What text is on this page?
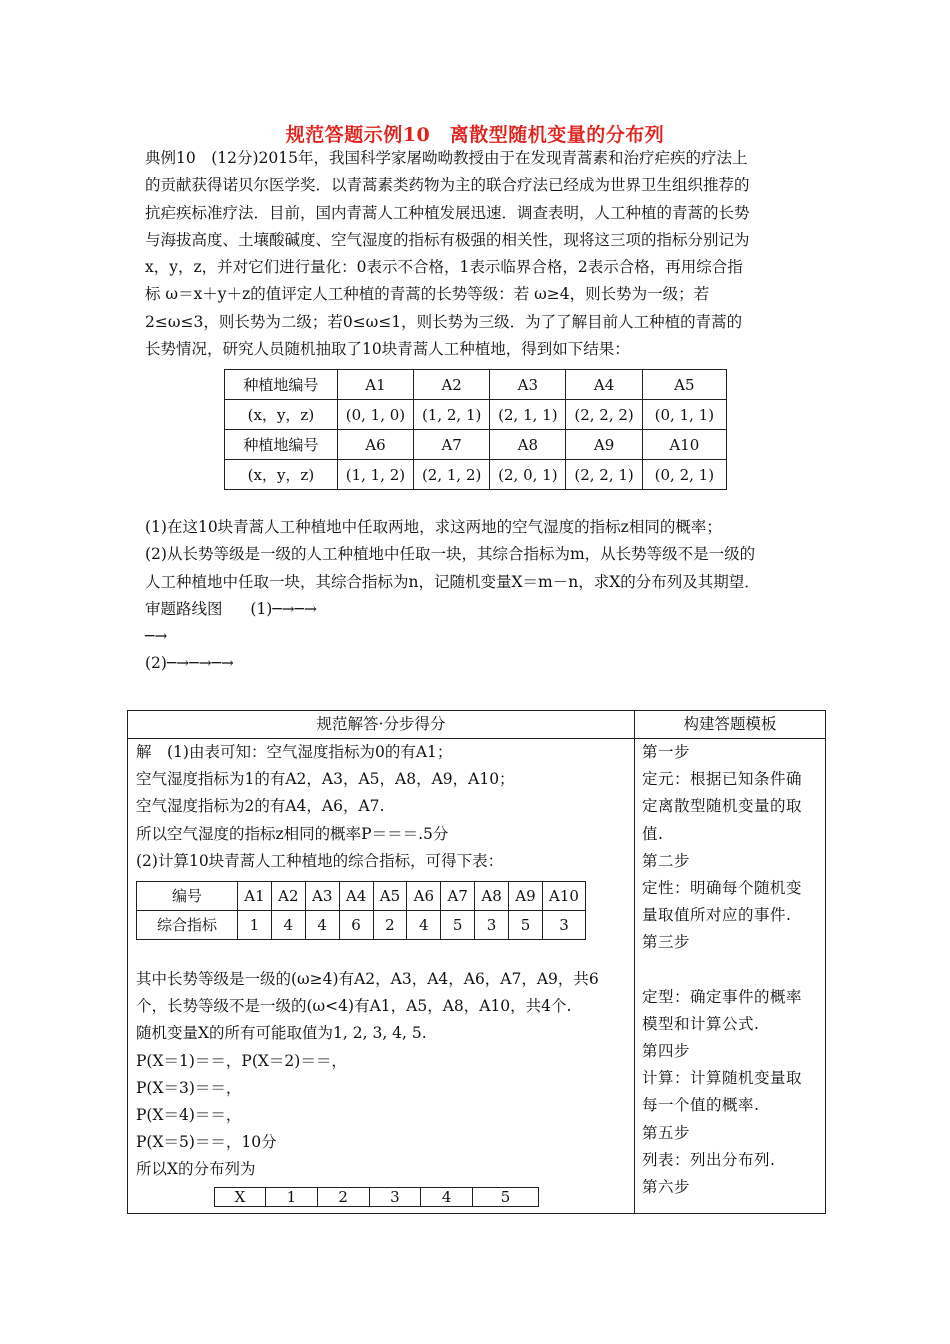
规范答题示例10　离散型随机变量的分布列
典例10　(12分)2015年，我国科学家屠呦呦教授由于在发现青蒿素和治疗疟疾的疗法上
的贡献获得诺贝尔医学奖．以青蒿素类药物为主的联合疗法已经成为世界卫生组织推荐的
抗疟疾标准疗法．目前，国内青蒿人工种植发展迅速．调查表明，人工种植的青蒿的长势
与海拔高度、土壤酸碱度、空气湿度的指标有极强的相关性，现将这三项的指标分别记为
x，y，z，并对它们进行量化：0表示不合格，1表示临界合格，2表示合格，再用综合指
标 ω＝x＋y＋z的值评定人工种植的青蒿的长势等级：若 ω≥4，则长势为一级；若
2≤ω≤3，则长势为二级；若0≤ω≤1，则长势为三级．为了了解目前人工种植的青蒿的
长势情况，研究人员随机抽取了10块青蒿人工种植地，得到如下结果：
种植地编号	A1	A2	A3	A4	A5
(x，y，z)	(0, 1, 0)	(1, 2, 1)	(2, 1, 1)	(2, 2, 2)	(0, 1, 1)
种植地编号	A6	A7	A8	A9	A10
(x，y，z)	(1, 1, 2)	(2, 1, 2)	(2, 0, 1)	(2, 2, 1)	(0, 2, 1)
(1)在这10块青蒿人工种植地中任取两地，求这两地的空气湿度的指标z相同的概率；
(2)从长势等级是一级的人工种植地中任取一块，其综合指标为m，从长势等级不是一级的
人工种植地中任取一块，其综合指标为n，记随机变量X＝m－n，求X的分布列及其期望．
审题路线图 (1)─→─→
─→
(2)─→─→─→
规范解答·分步得分	构建答题模板
解　(1)由表可知：空气湿度指标为0的有A1；
空气湿度指标为1的有A2，A3，A5，A8，A9，A10；
空气湿度指标为2的有A4，A6，A7.
所以空气湿度的指标z相同的概率P＝＝＝.5分
(2)计算10块青蒿人工种植地的综合指标，可得下表：
编号	A1	A2	A3	A4	A5	A6	A7	A8	A9	A10
综合指标	1	4	4	6	2	4	5	3	5	3
其中长势等级是一级的(ω≥4)有A2，A3，A4，A6，A7，A9，共6
个，长势等级不是一级的(ω<4)有A1，A5，A8，A10，共4个.
随机变量X的所有可能取值为1, 2, 3, 4, 5.
P(X＝1)＝＝，P(X＝2)＝＝，
P(X＝3)＝＝，
P(X＝4)＝＝，
P(X＝5)＝＝，10分
所以X的分布列为
X	1	2	3	4	5
第一步
定元：根据已知条件确
定离散型随机变量的取
值.
第二步
定性：明确每个随机变
量取值所对应的事件.
第三步
定型：确定事件的概率
模型和计算公式.
第四步
计算：计算随机变量取
每一个值的概率.
第五步
列表：列出分布列.
第六步
